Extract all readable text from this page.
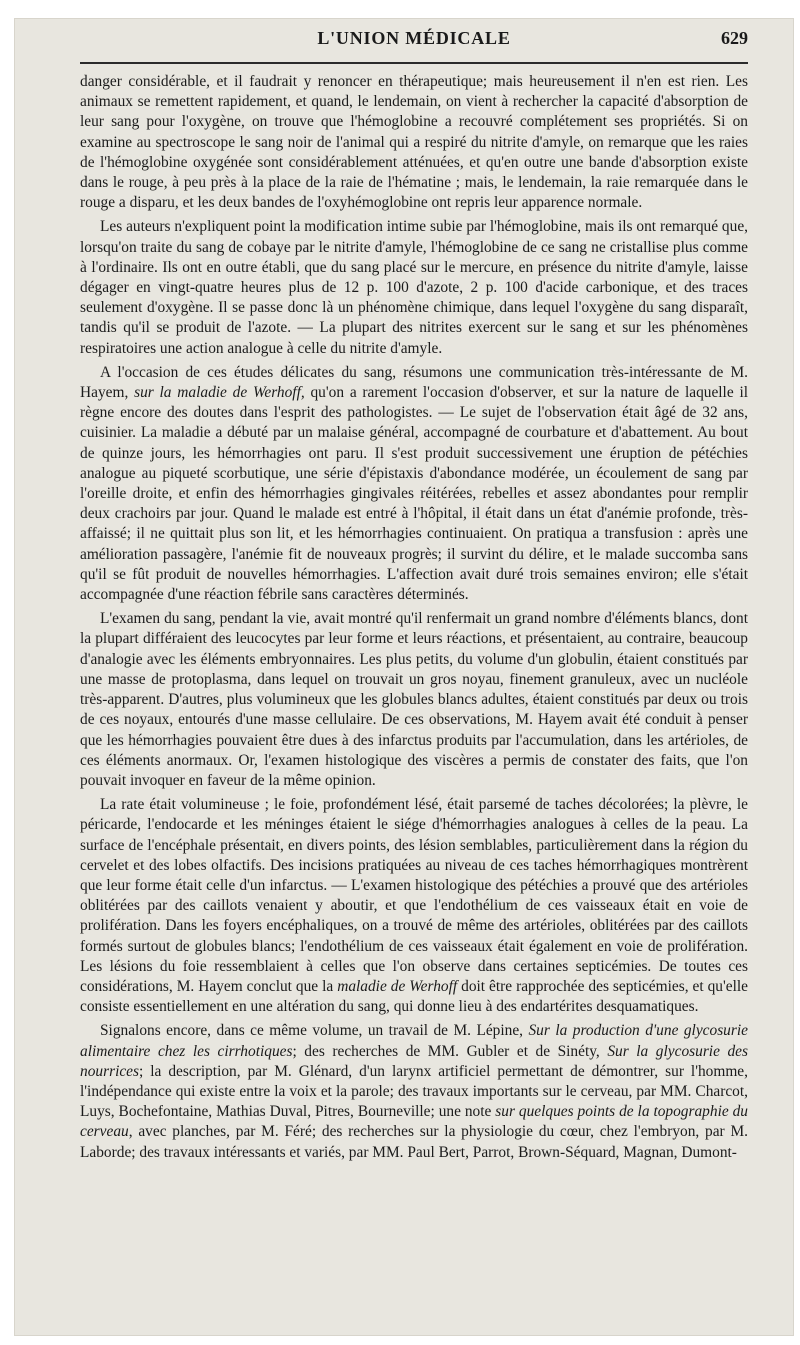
L'UNION MÉDICALE	629

danger considérable, et il faudrait y renoncer en thérapeutique; mais heureusement il n'en est rien. Les animaux se remettent rapidement, et quand, le lendemain, on vient à rechercher la capacité d'absorption de leur sang pour l'oxygène, on trouve que l'hémoglobine a recouvré complétement ses propriétés. Si on examine au spectroscope le sang noir de l'animal qui a respiré du nitrite d'amyle, on remarque que les raies de l'hémoglobine oxygénée sont considérablement atténuées, et qu'en outre une bande d'absorption existe dans le rouge, à peu près à la place de la raie de l'hématine ; mais, le lendemain, la raie remarquée dans le rouge a disparu, et les deux bandes de l'oxyhémoglobine ont repris leur apparence normale.

Les auteurs n'expliquent point la modification intime subie par l'hémoglobine, mais ils ont remarqué que, lorsqu'on traite du sang de cobaye par le nitrite d'amyle, l'hémoglobine de ce sang ne cristallise plus comme à l'ordinaire. Ils ont en outre établi, que du sang placé sur le mercure, en présence du nitrite d'amyle, laisse dégager en vingt-quatre heures plus de 12 p. 100 d'azote, 2 p. 100 d'acide carbonique, et des traces seulement d'oxygène. Il se passe donc là un phénomène chimique, dans lequel l'oxygène du sang disparaît, tandis qu'il se produit de l'azote. — La plupart des nitrites exercent sur le sang et sur les phénomènes respiratoires une action analogue à celle du nitrite d'amyle.

A l'occasion de ces études délicates du sang, résumons une communication très-intéressante de M. Hayem, sur la maladie de Werhoff, qu'on a rarement l'occasion d'observer, et sur la nature de laquelle il règne encore des doutes dans l'esprit des pathologistes. — Le sujet de l'observation était âgé de 32 ans, cuisinier. La maladie a débuté par un malaise général, accompagné de courbature et d'abattement. Au bout de quinze jours, les hémorrhagies ont paru. Il s'est produit successivement une éruption de pétéchies analogue au piqueté scorbutique, une série d'épistaxis d'abondance modérée, un écoulement de sang par l'oreille droite, et enfin des hémorrhagies gingivales réitérées, rebelles et assez abondantes pour remplir deux crachoirs par jour. Quand le malade est entré à l'hôpital, il était dans un état d'anémie profonde, très-affaissé; il ne quittait plus son lit, et les hémorrhagies continuaient. On pratiqua a transfusion : après une amélioration passagère, l'anémie fit de nouveaux progrès; il survint du délire, et le malade succomba sans qu'il se fût produit de nouvelles hémorrhagies. L'affection avait duré trois semaines environ; elle s'était accompagnée d'une réaction fébrile sans caractères déterminés.

L'examen du sang, pendant la vie, avait montré qu'il renfermait un grand nombre d'éléments blancs, dont la plupart différaient des leucocytes par leur forme et leurs réactions, et présentaient, au contraire, beaucoup d'analogie avec les éléments embryonnaires. Les plus petits, du volume d'un globulin, étaient constitués par une masse de protoplasma, dans lequel on trouvait un gros noyau, finement granuleux, avec un nucléole très-apparent. D'autres, plus volumineux que les globules blancs adultes, étaient constitués par deux ou trois de ces noyaux, entourés d'une masse cellulaire. De ces observations, M. Hayem avait été conduit à penser que les hémorrhagies pouvaient être dues à des infarctus produits par l'accumulation, dans les artérioles, de ces éléments anormaux. Or, l'examen histologique des viscères a permis de constater des faits, que l'on pouvait invoquer en faveur de la même opinion.

La rate était volumineuse ; le foie, profondément lésé, était parsemé de taches décolorées; la plèvre, le péricarde, l'endocarde et les méninges étaient le siége d'hémorrhagies analogues à celles de la peau. La surface de l'encéphale présentait, en divers points, des lésion semblables, particulièrement dans la région du cervelet et des lobes olfactifs. Des incisions pratiquées au niveau de ces taches hémorrhagiques montrèrent que leur forme était celle d'un infarctus. — L'examen histologique des pétéchies a prouvé que des artérioles oblitérées par des caillots venaient y aboutir, et que l'endothélium de ces vaisseaux était en voie de prolifération. Dans les foyers encéphaliques, on a trouvé de même des artérioles, oblitérées par des caillots formés surtout de globules blancs; l'endothélium de ces vaisseaux était également en voie de prolifération. Les lésions du foie ressemblaient à celles que l'on observe dans certaines septicémies. De toutes ces considérations, M. Hayem conclut que la maladie de Werhoff doit être rapprochée des septicémies, et qu'elle consiste essentiellement en une altération du sang, qui donne lieu à des endartérites desquamatiques.

Signalons encore, dans ce même volume, un travail de M. Lépine, Sur la production d'une glycosurie alimentaire chez les cirrhotiques; des recherches de MM. Gubler et de Sinéty, Sur la glycosurie des nourrices; la description, par M. Glénard, d'un larynx artificiel permettant de démontrer, sur l'homme, l'indépendance qui existe entre la voix et la parole; des travaux importants sur le cerveau, par MM. Charcot, Luys, Bochefontaine, Mathias Duval, Pitres, Bourneville; une note sur quelques points de la topographie du cerveau, avec planches, par M. Féré; des recherches sur la physiologie du cœur, chez l'embryon, par M. Laborde; des travaux intéressants et variés, par MM. Paul Bert, Parrot, Brown-Séquard, Magnan, Dumont-
